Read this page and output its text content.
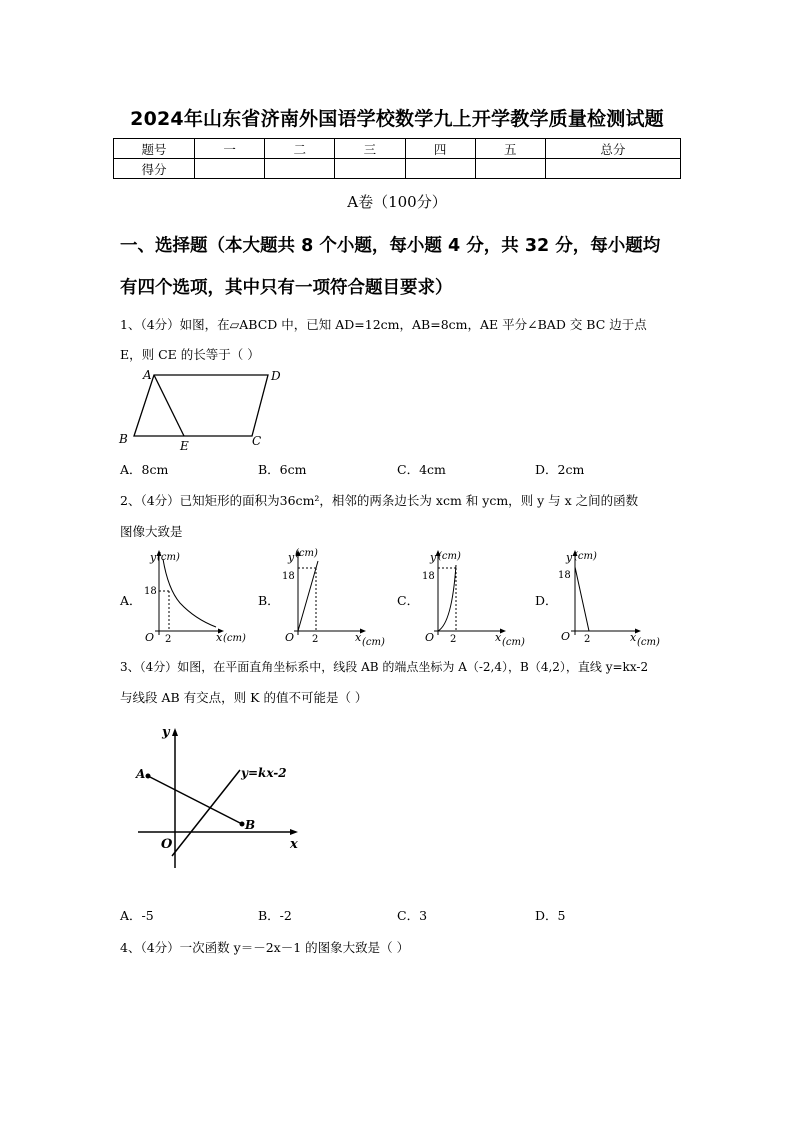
2024年山东省济南外国语学校数学九上开学教学质量检测试题
题号	一	二	三	四	五	总分
得分						
A卷（100分）
一、选择题（本大题共 8 个小题，每小题 4 分，共 32 分，每小题均
有四个选项，其中只有一项符合题目要求）
1、（4分）如图，在▱ABCD 中，已知 AD=12cm，AB=8cm，AE 平分∠BAD 交 BC 边于点
E，则 CE 的长等于（ ）
A	D
B	E	C
A．8cm	B．6cm	C．4cm	D．2cm
2、（4分）已知矩形的面积为36cm²，相邻的两条边长为 xcm 和 ycm，则 y 与 x 之间的函数
图像大致是
A．	B．	C．	D．
y (cm)
18
O 2	x (cm)
y (cm)
18
O 2	x (cm)
y (cm)
18
O 2	x (cm)
y (cm)
18
O 2	x (cm)
3、（4分）如图，在平面直角坐标系中，线段 AB 的端点坐标为 A（-2,4），B（4,2），直线 y=kx-2
与线段 AB 有交点，则 K 的值不可能是（ ）
y
x
O
A
B
y=kx-2
A．-5	B．-2	C．3	D．5
4、（4分）一次函数 y＝－2x－1 的图象大致是（ ）
